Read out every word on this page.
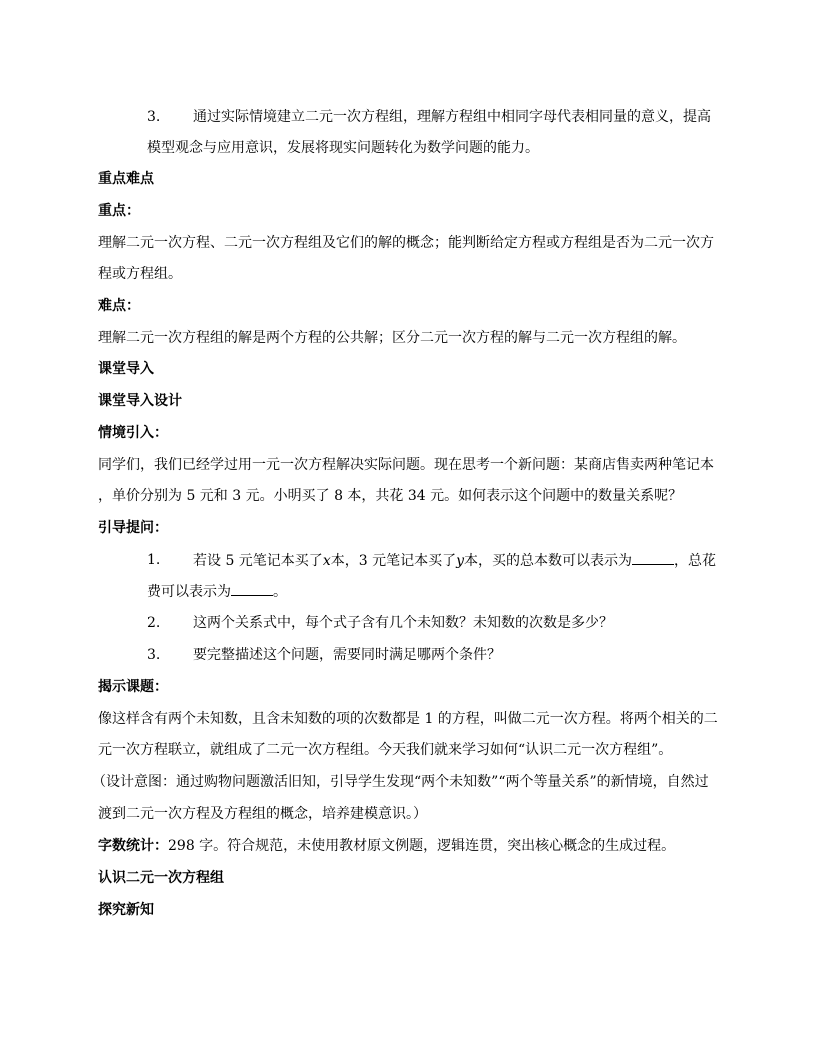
3. 通过实际情境建立二元一次方程组，理解方程组中相同字母代表相同量的意义，提高
模型观念与应用意识，发展将现实问题转化为数学问题的能力。
重点难点
重点：
理解二元一次方程、二元一次方程组及它们的解的概念；能判断给定方程或方程组是否为二元一次方
程或方程组。
难点：
理解二元一次方程组的解是两个方程的公共解；区分二元一次方程的解与二元一次方程组的解。
课堂导入
课堂导入设计
情境引入：
同学们，我们已经学过用一元一次方程解决实际问题。现在思考一个新问题：某商店售卖两种笔记本
，单价分别为 5 元和 3 元。小明买了 8 本，共花 34 元。如何表示这个问题中的数量关系呢？
引导提问：
1. 若设 5 元笔记本买了x本，3 元笔记本买了y本，买的总本数可以表示为	，总花
费可以表示为	。
2. 这两个关系式中，每个式子含有几个未知数？未知数的次数是多少？
3. 要完整描述这个问题，需要同时满足哪两个条件？
揭示课题：
像这样含有两个未知数，且含未知数的项的次数都是 1 的方程，叫做二元一次方程。将两个相关的二
元一次方程联立，就组成了二元一次方程组。今天我们就来学习如何“认识二元一次方程组”。
（设计意图：通过购物问题激活旧知，引导学生发现“两个未知数”“两个等量关系”的新情境，自然过
渡到二元一次方程及方程组的概念，培养建模意识。）
字数统计：298 字。符合规范，未使用教材原文例题，逻辑连贯，突出核心概念的生成过程。
认识二元一次方程组
探究新知
